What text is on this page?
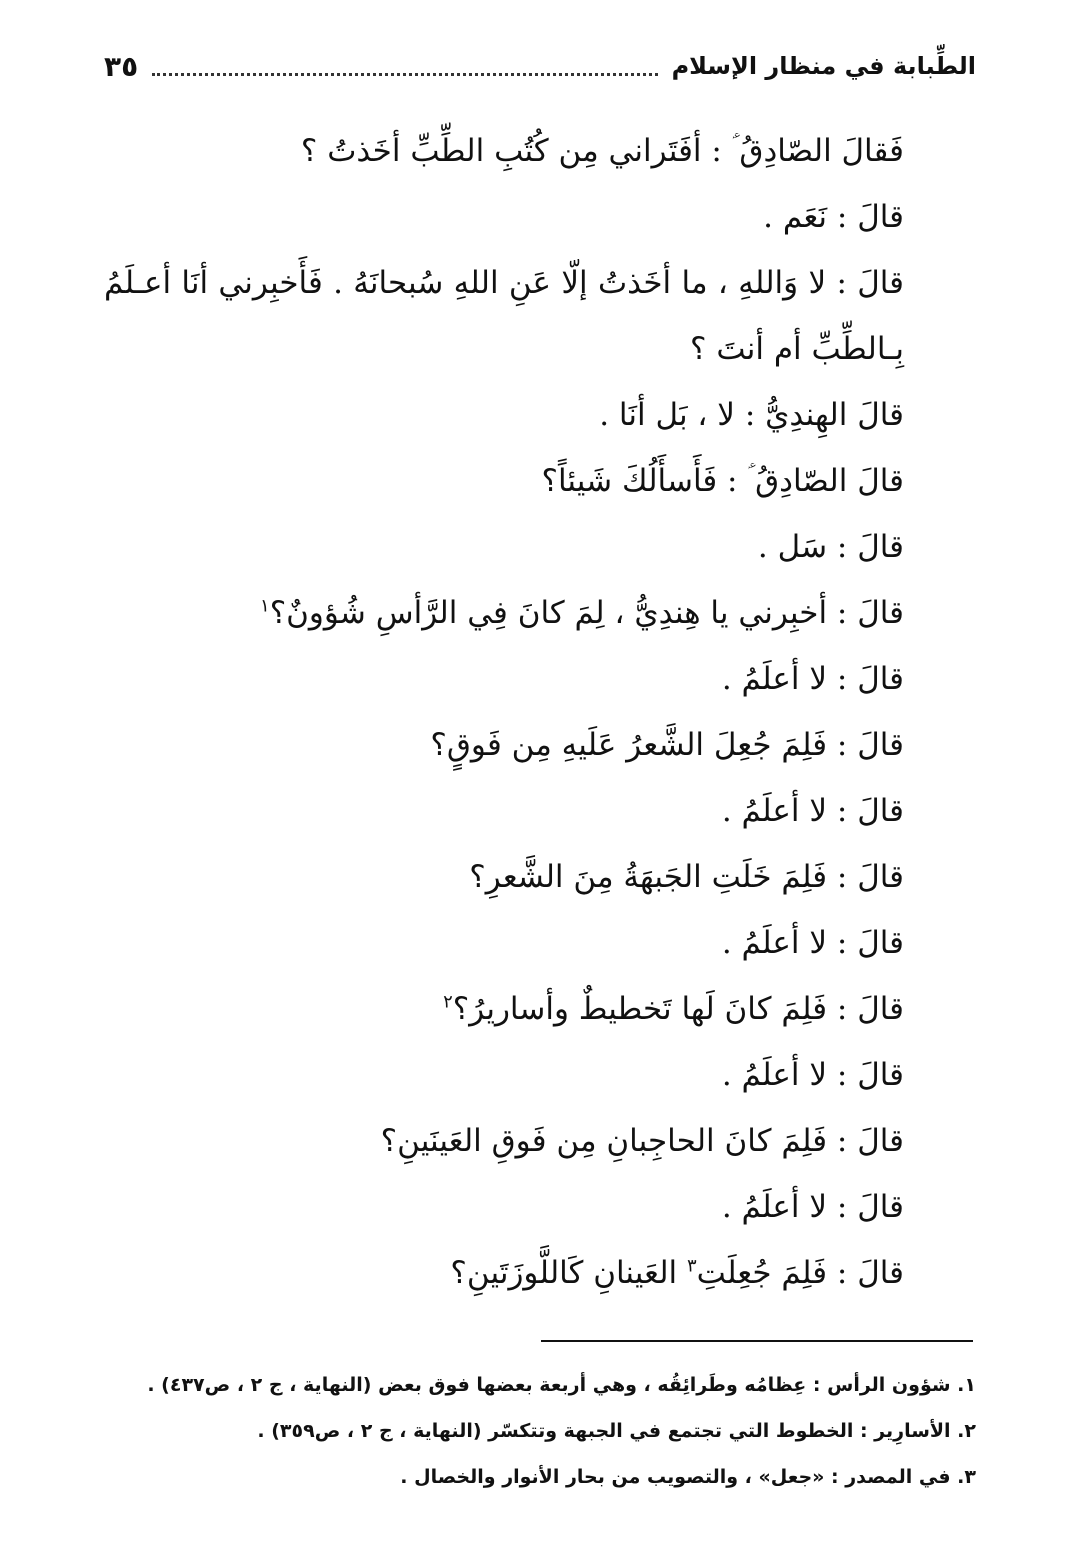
الطِّبابة في منظار الإسلام
٣٥
فَقالَ الصّادِقُ ؑ : أفَتَراني مِن كُتُبِ الطِّبِّ أخَذتُ ؟
قالَ : نَعَم .
قالَ : لا وَاللهِ ، ما أخَذتُ إلّا عَنِ اللهِ سُبحانَهُ . فَأَخبِرني أنَا أعـلَمُ بِـالطِّبِّ أم أنتَ ؟
قالَ الهِندِيُّ : لا ، بَل أنَا .
قالَ الصّادِقُ ؑ : فَأَسأَلُكَ شَيئاً؟
قالَ : سَل .
قالَ : أخبِرني يا هِندِيُّ ، لِمَ كانَ فِي الرَّأسِ شُؤونٌ؟$^١$
قالَ : لا أعلَمُ .
قالَ : فَلِمَ جُعِلَ الشَّعرُ عَلَيهِ مِن فَوقٍ؟
قالَ : لا أعلَمُ .
قالَ : فَلِمَ خَلَتِ الجَبهَةُ مِنَ الشَّعرِ؟
قالَ : لا أعلَمُ .
قالَ : فَلِمَ كانَ لَها تَخطيطٌ وأساريرُ؟$^٢$
قالَ : لا أعلَمُ .
قالَ : فَلِمَ كانَ الحاجِبانِ مِن فَوقِ العَينَينِ؟
قالَ : لا أعلَمُ .
قالَ : فَلِمَ جُعِلَتِ$^٣$ العَينانِ كَاللَّوزَتَينِ؟
١. شؤون الرأس : عِظامُه وطَرائِقُه ، وهي أربعة بعضها فوق بعض (النهاية ، ج ٢ ، ص٤٣٧) .
٢. الأسارِير : الخطوط التي تجتمع في الجبهة وتتكسّر (النهاية ، ج ٢ ، ص٣٥٩) .
٣. في المصدر : «جعل» ، والتصويب من بحار الأنوار والخصال .
